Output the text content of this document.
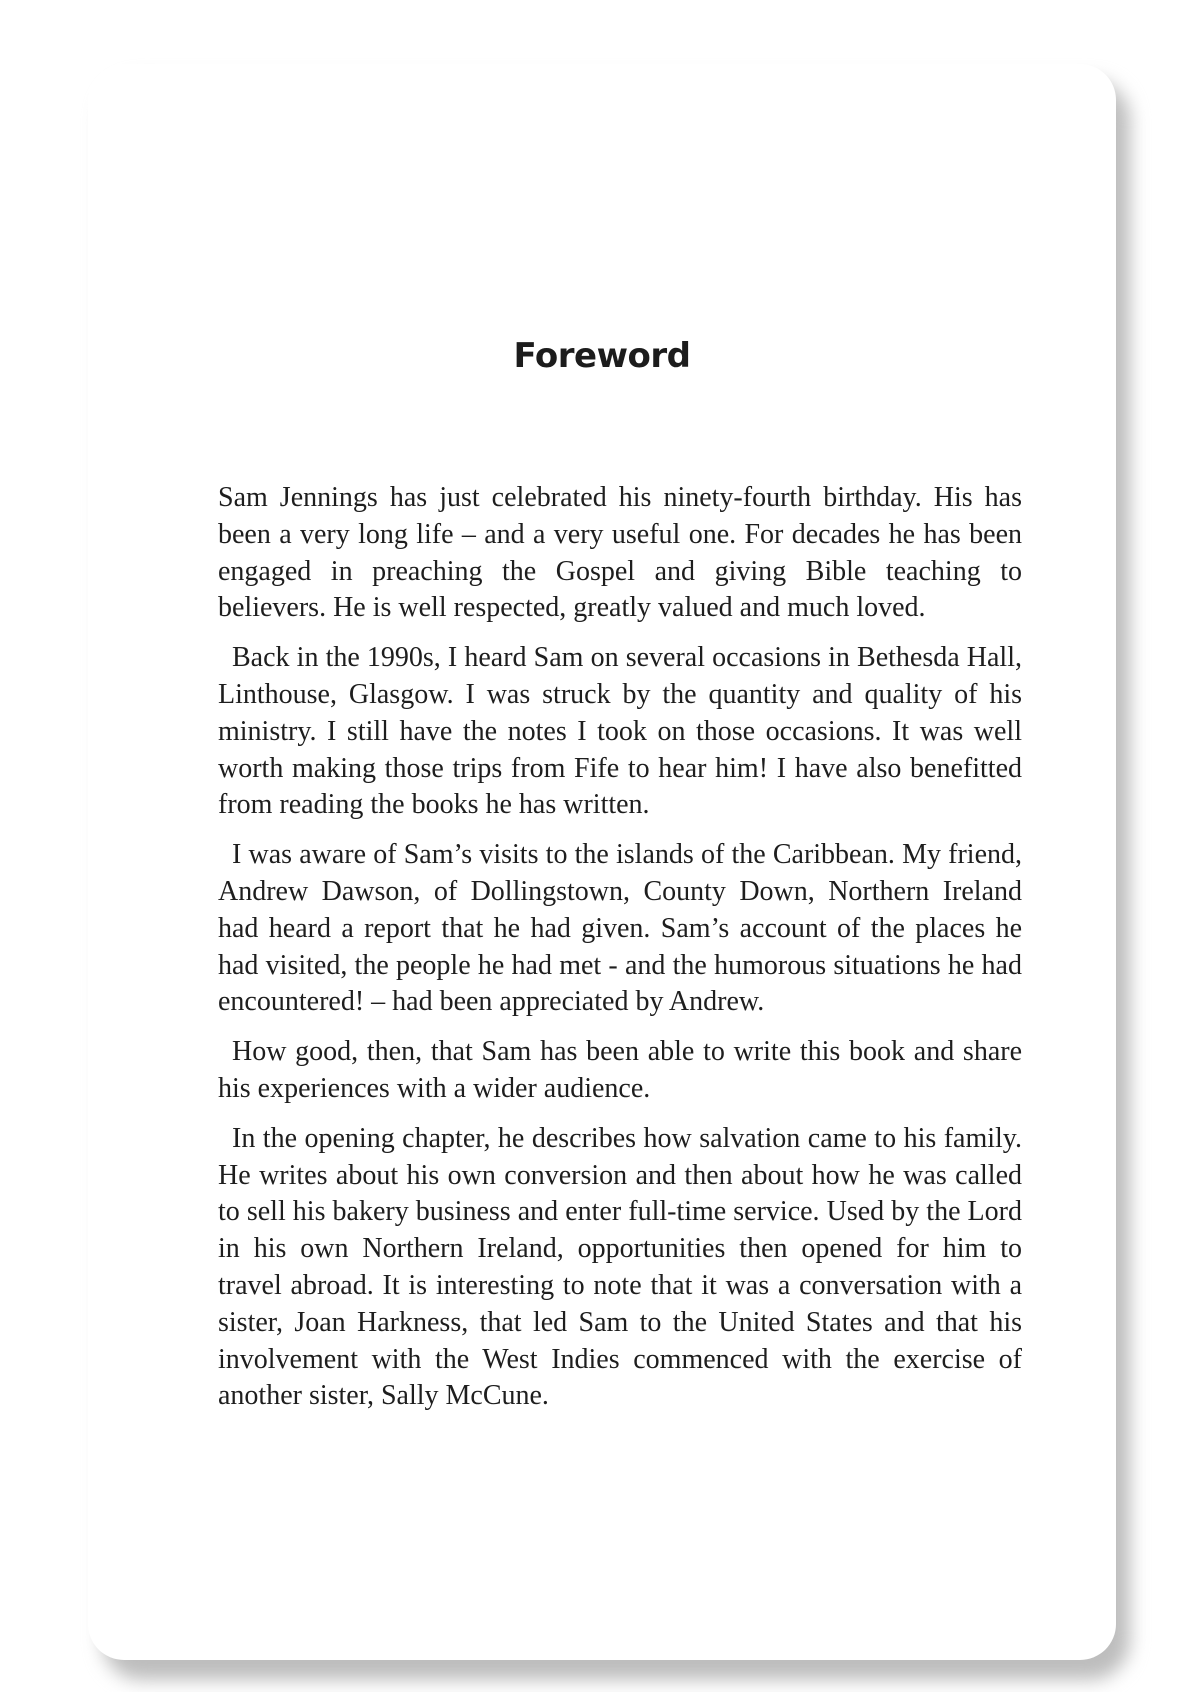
Foreword

Sam Jennings has just celebrated his ninety-fourth birthday. His has been a very long life – and a very useful one. For decades he has been engaged in preaching the Gospel and giving Bible teaching to believers. He is well respected, greatly valued and much loved.

Back in the 1990s, I heard Sam on several occasions in Bethesda Hall, Linthouse, Glasgow. I was struck by the quantity and quality of his ministry. I still have the notes I took on those occasions. It was well worth making those trips from Fife to hear him! I have also benefitted from reading the books he has written.

I was aware of Sam’s visits to the islands of the Caribbean. My friend, Andrew Dawson, of Dollingstown, County Down, Northern Ireland had heard a report that he had given. Sam’s account of the places he had visited, the people he had met - and the humorous situations he had encountered! – had been appreciated by Andrew.

How good, then, that Sam has been able to write this book and share his experiences with a wider audience.

In the opening chapter, he describes how salvation came to his family. He writes about his own conversion and then about how he was called to sell his bakery business and enter full-time service. Used by the Lord in his own Northern Ireland, opportunities then opened for him to travel abroad. It is interesting to note that it was a conversation with a sister, Joan Harkness, that led Sam to the United States and that his involvement with the West Indies commenced with the exercise of another sister, Sally McCune.
